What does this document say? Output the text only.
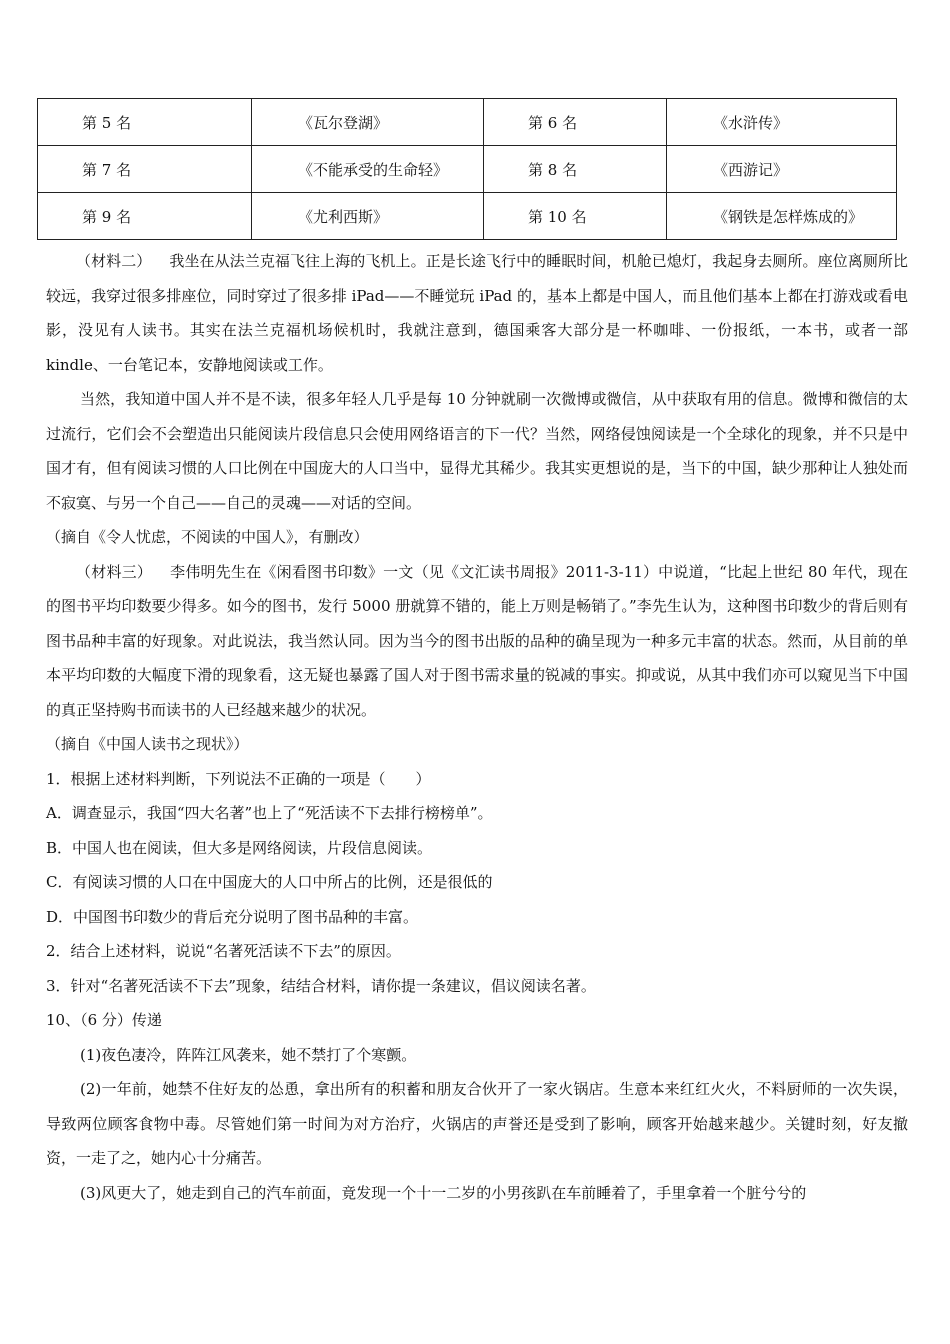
第 5 名	《瓦尔登湖》	第 6 名	《水浒传》
第 7 名	《不能承受的生命轻》	第 8 名	《西游记》
第 9 名	《尤利西斯》	第 10 名	《钢铁是怎样炼成的》

（材料二） 我坐在从法兰克福飞往上海的飞机上。正是长途飞行中的睡眠时间，机舱已熄灯，我起身去厕所。座位离厕所比较远，我穿过很多排座位，同时穿过了很多排 iPad——不睡觉玩 iPad 的，基本上都是中国人，而且他们基本上都在打游戏或看电影，没见有人读书。其实在法兰克福机场候机时，我就注意到，德国乘客大部分是一杯咖啡、一份报纸，一本书，或者一部 kindle、一台笔记本，安静地阅读或工作。

当然，我知道中国人并不是不读，很多年轻人几乎是每 10 分钟就刷一次微博或微信，从中获取有用的信息。微博和微信的太过流行，它们会不会塑造出只能阅读片段信息只会使用网络语言的下一代？当然，网络侵蚀阅读是一个全球化的现象，并不只是中国才有，但有阅读习惯的人口比例在中国庞大的人口当中，显得尤其稀少。我其实更想说的是，当下的中国，缺少那种让人独处而不寂寞、与另一个自己——自己的灵魂——对话的空间。

（摘自《令人忧虑，不阅读的中国人》，有删改）

（材料三） 李伟明先生在《闲看图书印数》一文（见《文汇读书周报》2011-3-11）中说道，“比起上世纪 80 年代，现在的图书平均印数要少得多。如今的图书，发行 5000 册就算不错的，能上万则是畅销了。”李先生认为，这种图书印数少的背后则有图书品种丰富的好现象。对此说法，我当然认同。因为当今的图书出版的品种的确呈现为一种多元丰富的状态。然而，从目前的单本平均印数的大幅度下滑的现象看，这无疑也暴露了国人对于图书需求量的锐减的事实。抑或说，从其中我们亦可以窥见当下中国的真正坚持购书而读书的人已经越来越少的状况。

（摘自《中国人读书之现状》）

1．根据上述材料判断，下列说法不正确的一项是（　　）

A．调查显示，我国“四大名著”也上了“死活读不下去排行榜榜单”。

B．中国人也在阅读，但大多是网络阅读，片段信息阅读。

C．有阅读习惯的人口在中国庞大的人口中所占的比例，还是很低的

D．中国图书印数少的背后充分说明了图书品种的丰富。

2．结合上述材料，说说“名著死活读不下去”的原因。

3．针对“名著死活读不下去”现象，结结合材料，请你提一条建议，倡议阅读名著。

10、（6 分）传递

(1)夜色凄冷，阵阵江风袭来，她不禁打了个寒颤。

(2)一年前，她禁不住好友的怂恿，拿出所有的积蓄和朋友合伙开了一家火锅店。生意本来红红火火，不料厨师的一次失误，导致两位顾客食物中毒。尽管她们第一时间为对方治疗，火锅店的声誉还是受到了影响，顾客开始越来越少。关键时刻，好友撤资，一走了之，她内心十分痛苦。

(3)风更大了，她走到自己的汽车前面，竟发现一个十一二岁的小男孩趴在车前睡着了，手里拿着一个脏兮兮的
